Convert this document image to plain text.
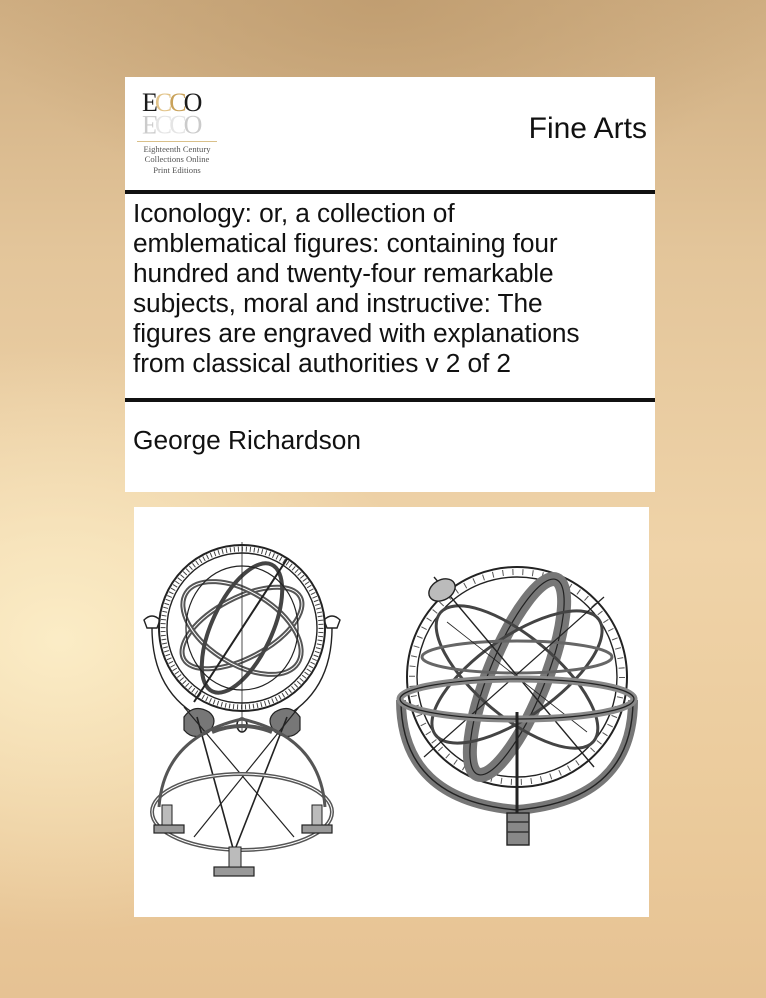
ECCO
ECCO
Eighteenth Century
Collections Online
Print Editions
Fine Arts
Iconology: or, a collection of
emblematical figures: containing four
hundred and twenty-four remarkable
subjects, moral and instructive: The
figures are engraved with explanations
from classical authorities v 2 of 2
George Richardson
